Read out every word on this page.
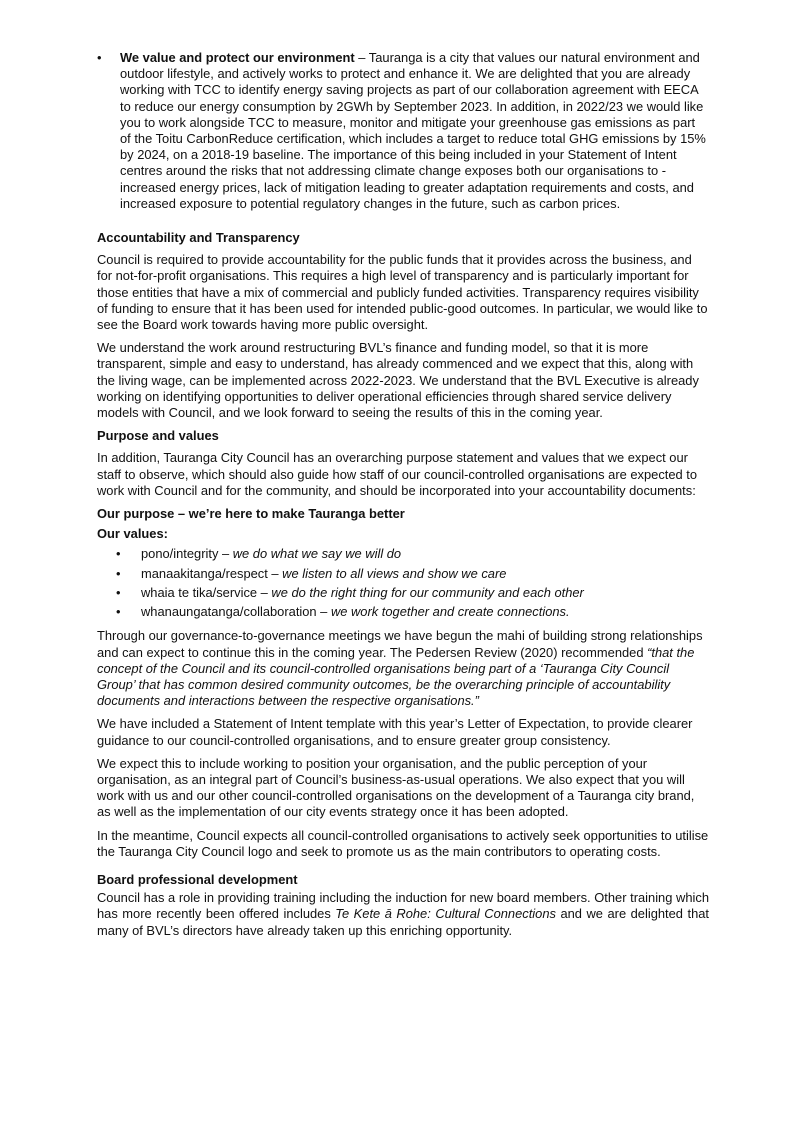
• We value and protect our environment – Tauranga is a city that values our natural environment and outdoor lifestyle, and actively works to protect and enhance it. We are delighted that you are already working with TCC to identify energy saving projects as part of our collaboration agreement with EECA to reduce our energy consumption by 2GWh by September 2023. In addition, in 2022/23 we would like you to work alongside TCC to measure, monitor and mitigate your greenhouse gas emissions as part of the Toitu CarbonReduce certification, which includes a target to reduce total GHG emissions by 15% by 2024, on a 2018-19 baseline. The importance of this being included in your Statement of Intent centres around the risks that not addressing climate change exposes both our organisations to - increased energy prices, lack of mitigation leading to greater adaptation requirements and costs, and increased exposure to potential regulatory changes in the future, such as carbon prices.
Accountability and Transparency

Council is required to provide accountability for the public funds that it provides across the business, and for not-for-profit organisations. This requires a high level of transparency and is particularly important for those entities that have a mix of commercial and publicly funded activities. Transparency requires visibility of funding to ensure that it has been used for intended public-good outcomes. In particular, we would like to see the Board work towards having more public oversight.

We understand the work around restructuring BVL’s finance and funding model, so that it is more transparent, simple and easy to understand, has already commenced and we expect that this, along with the living wage, can be implemented across 2022-2023. We understand that the BVL Executive is already working on identifying opportunities to deliver operational efficiencies through shared service delivery models with Council, and we look forward to seeing the results of this in the coming year.

Purpose and values

In addition, Tauranga City Council has an overarching purpose statement and values that we expect our staff to observe, which should also guide how staff of our council-controlled organisations are expected to work with Council and for the community, and should be incorporated into your accountability documents:

Our purpose – we’re here to make Tauranga better

Our values:

• pono/integrity – we do what we say we will do
• manaakitanga/respect – we listen to all views and show we care
• whaia te tika/service – we do the right thing for our community and each other
• whanaungatanga/collaboration – we work together and create connections.

Through our governance-to-governance meetings we have begun the mahi of building strong relationships and can expect to continue this in the coming year. The Pedersen Review (2020) recommended “that the concept of the Council and its council-controlled organisations being part of a ‘Tauranga City Council Group’ that has common desired community outcomes, be the overarching principle of accountability documents and interactions between the respective organisations.”

We have included a Statement of Intent template with this year’s Letter of Expectation, to provide clearer guidance to our council-controlled organisations, and to ensure greater group consistency.

We expect this to include working to position your organisation, and the public perception of your organisation, as an integral part of Council’s business-as-usual operations. We also expect that you will work with us and our other council-controlled organisations on the development of a Tauranga city brand, as well as the implementation of our city events strategy once it has been adopted.

In the meantime, Council expects all council-controlled organisations to actively seek opportunities to utilise the Tauranga City Council logo and seek to promote us as the main contributors to operating costs.

Board professional development

Council has a role in providing training including the induction for new board members. Other training which has more recently been offered includes Te Kete ā Rohe: Cultural Connections and we are delighted that many of BVL’s directors have already taken up this enriching opportunity.
